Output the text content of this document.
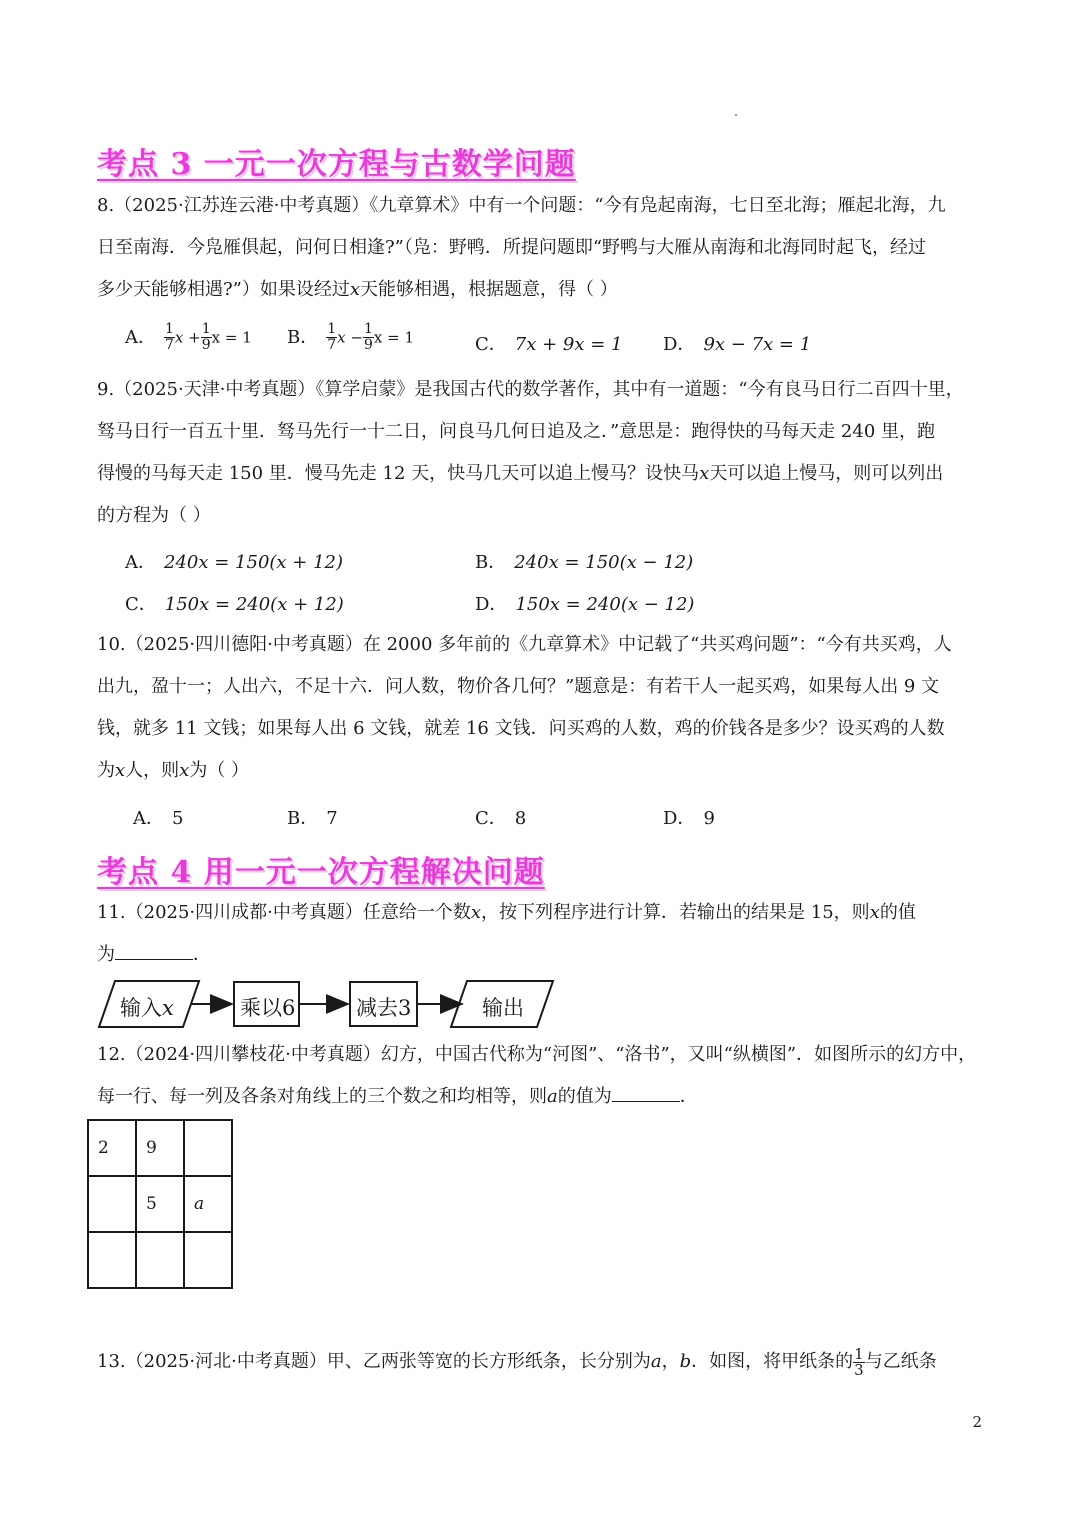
考点 3 一元一次方程与古数学问题
8.（2025·江苏连云港·中考真题）《九章算术》中有一个问题：“今有凫起南海，七日至北海；雁起北海，九
日至南海．今凫雁俱起，问何日相逢?”（凫：野鸭．所提问题即“野鸭与大雁从南海和北海同时起飞，经过
多少天能够相遇?”）如果设经过x天能够相遇，根据题意，得（ ）
A． $\frac{1}{7}$ $x + \frac{1}{9}$ x = 1 B． $\frac{1}{7}$ $x - \frac{1}{9}$ x = 1	C． 7x + 9x = 1 D． 9x − 7x = 1
9.（2025·天津·中考真题）《算学启蒙》是我国古代的数学著作，其中有一道题：“今有良马日行二百四十里，
驽马日行一百五十里．驽马先行一十二日，问良马几何日追及之．”意思是：跑得快的马每天走 240 里，跑
得慢的马每天走 150 里．慢马先走 12 天，快马几天可以追上慢马？设快马x天可以追上慢马，则可以列出
的方程为（ ）
A． 240x = 150(x + 12)	B． 240x = 150(x − 12)
C． 150x = 240(x + 12)	D． 150x = 240(x − 12)
10.（2025·四川德阳·中考真题）在 2000 多年前的《九章算术》中记载了“共买鸡问题”：“今有共买鸡，人
出九，盈十一；人出六，不足十六．问人数，物价各几何？”题意是：有若干人一起买鸡，如果每人出 9 文
钱，就多 11 文钱；如果每人出 6 文钱，就差 16 文钱．问买鸡的人数，鸡的价钱各是多少？设买鸡的人数
为x人，则x为（ ）
A． 5	B． 7	C． 8	D． 9
考点 4 用一元一次方程解决问题
11.（2025·四川成都·中考真题）任意给一个数x，按下列程序进行计算．若输出的结果是 15，则x的值
为	．
输入x	乘以6	减去3	输出
12.（2024·四川攀枝花·中考真题）幻方，中国古代称为“河图”、“洛书”，又叫“纵横图”．如图所示的幻方中，
每一行、每一列及各条对角线上的三个数之和均相等，则a的值为	．
2	9	
	5	a

13.（2025·河北·中考真题）甲、乙两张等宽的长方形纸条，长分别为a，b．如图，将甲纸条的 $\frac{1}{3}$ 与乙纸条
2
